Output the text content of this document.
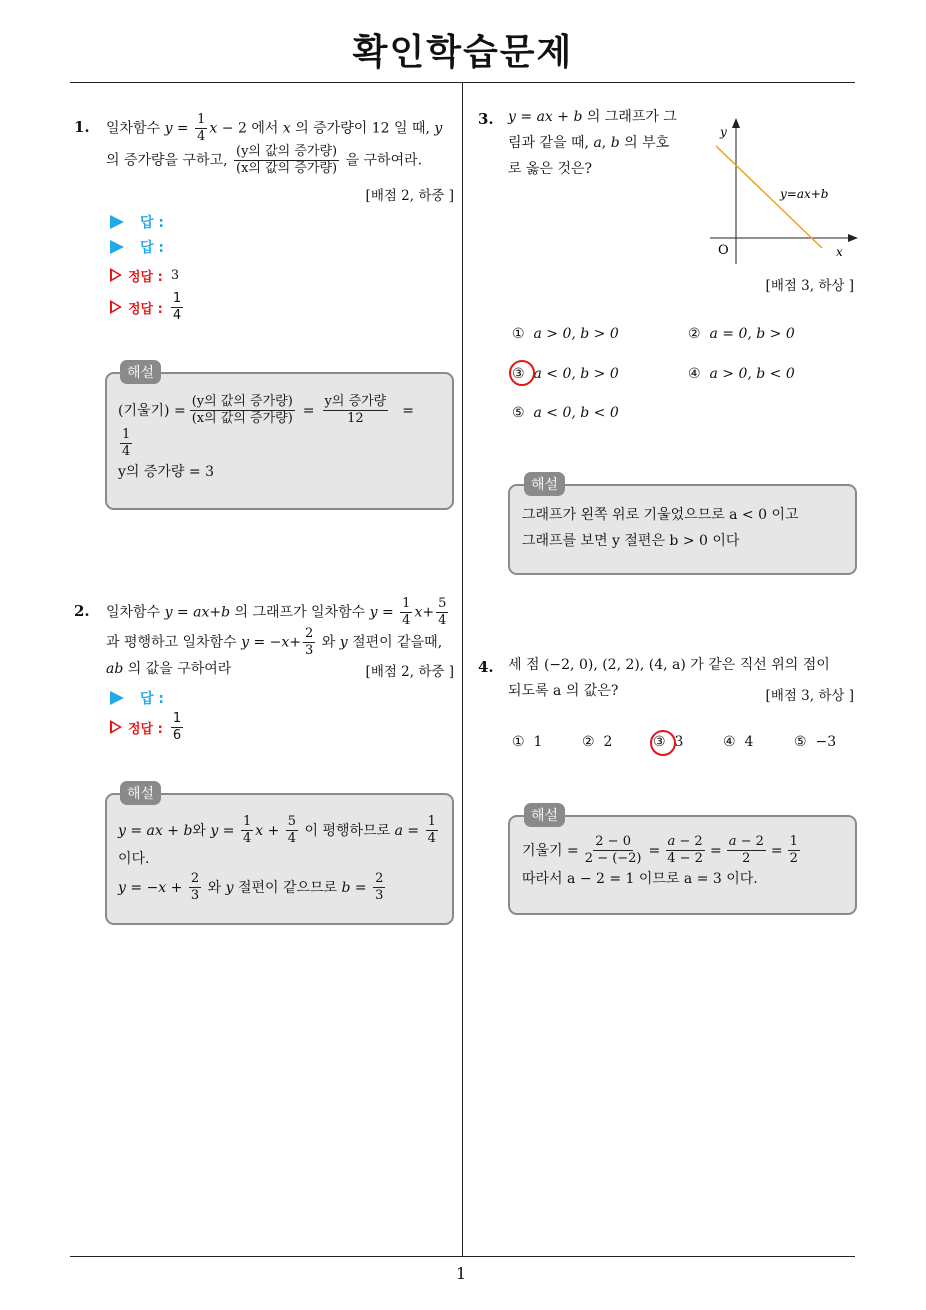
확인학습문제
1
1. 일차함수 $y = \frac{1}{4}$ x − 2 에서 x 의 증가량이 12 일 때, y
의 증가량을 구하고, $\frac{\text{(y의 값의 증가량)}}{\text{(x의 값의 증가량)}}$ 을 구하여라.
[배점 2, 하중 ]
답 :
답 :
정답 : 3
정답 : $\frac{1}{4}$
해설
(기울기) = $\frac{\text{(y의 값의 증가량)}}{\text{(x의 값의 증가량)}} = \frac{\text{y의 증가량}}{12}$ =
$\frac{1}{4}$
y의 증가량 = 3
2. 일차함수 y = ax+b 의 그래프가 일차함수 $y = \frac{1}{4} x+ \frac{5}{4}$
과 평행하고 일차함수 $y = -x+ \frac{2}{3}$ 와 y 절편이 같을때,
ab 의 값을 구하여라	[배점 2, 하중 ]
답 :
정답 : $\frac{1}{6}$
해설
y = ax + b 와
$y = \frac{1}{4}$ $x + \frac{5}{4}$
이 평행하므로
$a = \frac{1}{4}$
이다.
y = − $x + \frac{2}{3}$
와
y
절편이 같으므로
$b = \frac{2}{3}$
3. y = ax + b 의 그래프가 그
림과 같을 때, a, b 의 부호
로 옳은 것은?
y
x
O
y=ax+b
[배점 3, 하상 ]
① a > 0, b > 0	② a = 0, b > 0
③ a < 0, b > 0	④ a > 0, b < 0
⑤ a < 0, b < 0
해설
그래프가 왼쪽 위로 기울었으므로 a < 0 이고
그래프를 보면 y 절편은 b > 0 이다
4. 세 점 (−2, 0), (2, 2), (4, a) 가 같은 직선 위의 점이
되도록 a 의 값은?	[배점 3, 하상 ]
① 1	② 2	③ 3	④ 4	⑤ −3
해설
기울기 = $\frac{2 - 0}{2 - (-2)} = \frac{a - 2}{4 - 2} = \frac{a - 2}{2} = \frac{1}{2}$
따라서 a − 2 = 1 이므로 a = 3 이다.
